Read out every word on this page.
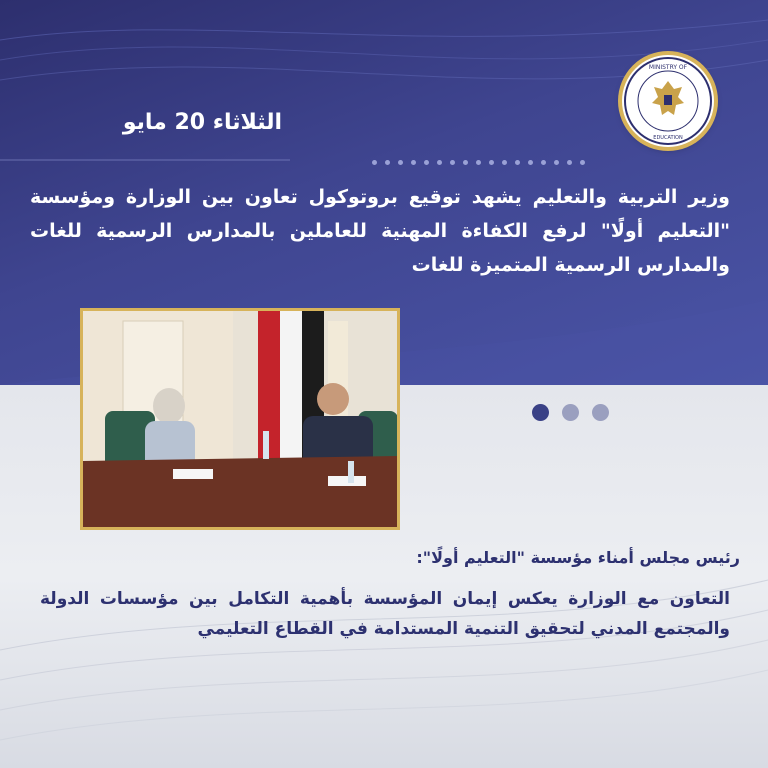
MINISTRY OF
EDUCATION
الثلاثاء 20 مايو
وزير التربية والتعليم يشهد توقيع بروتوكول تعاون بين الوزارة ومؤسسة "التعليم أولًا" لرفع الكفاءة المهنية للعاملين بالمدارس الرسمية للغات والمدارس الرسمية المتميزة للغات
رئيس مجلس أمناء مؤسسة "التعليم أولًا":
التعاون مع الوزارة يعكس إيمان المؤسسة بأهمية التكامل بين مؤسسات الدولة والمجتمع المدني لتحقيق التنمية المستدامة في القطاع التعليمي
